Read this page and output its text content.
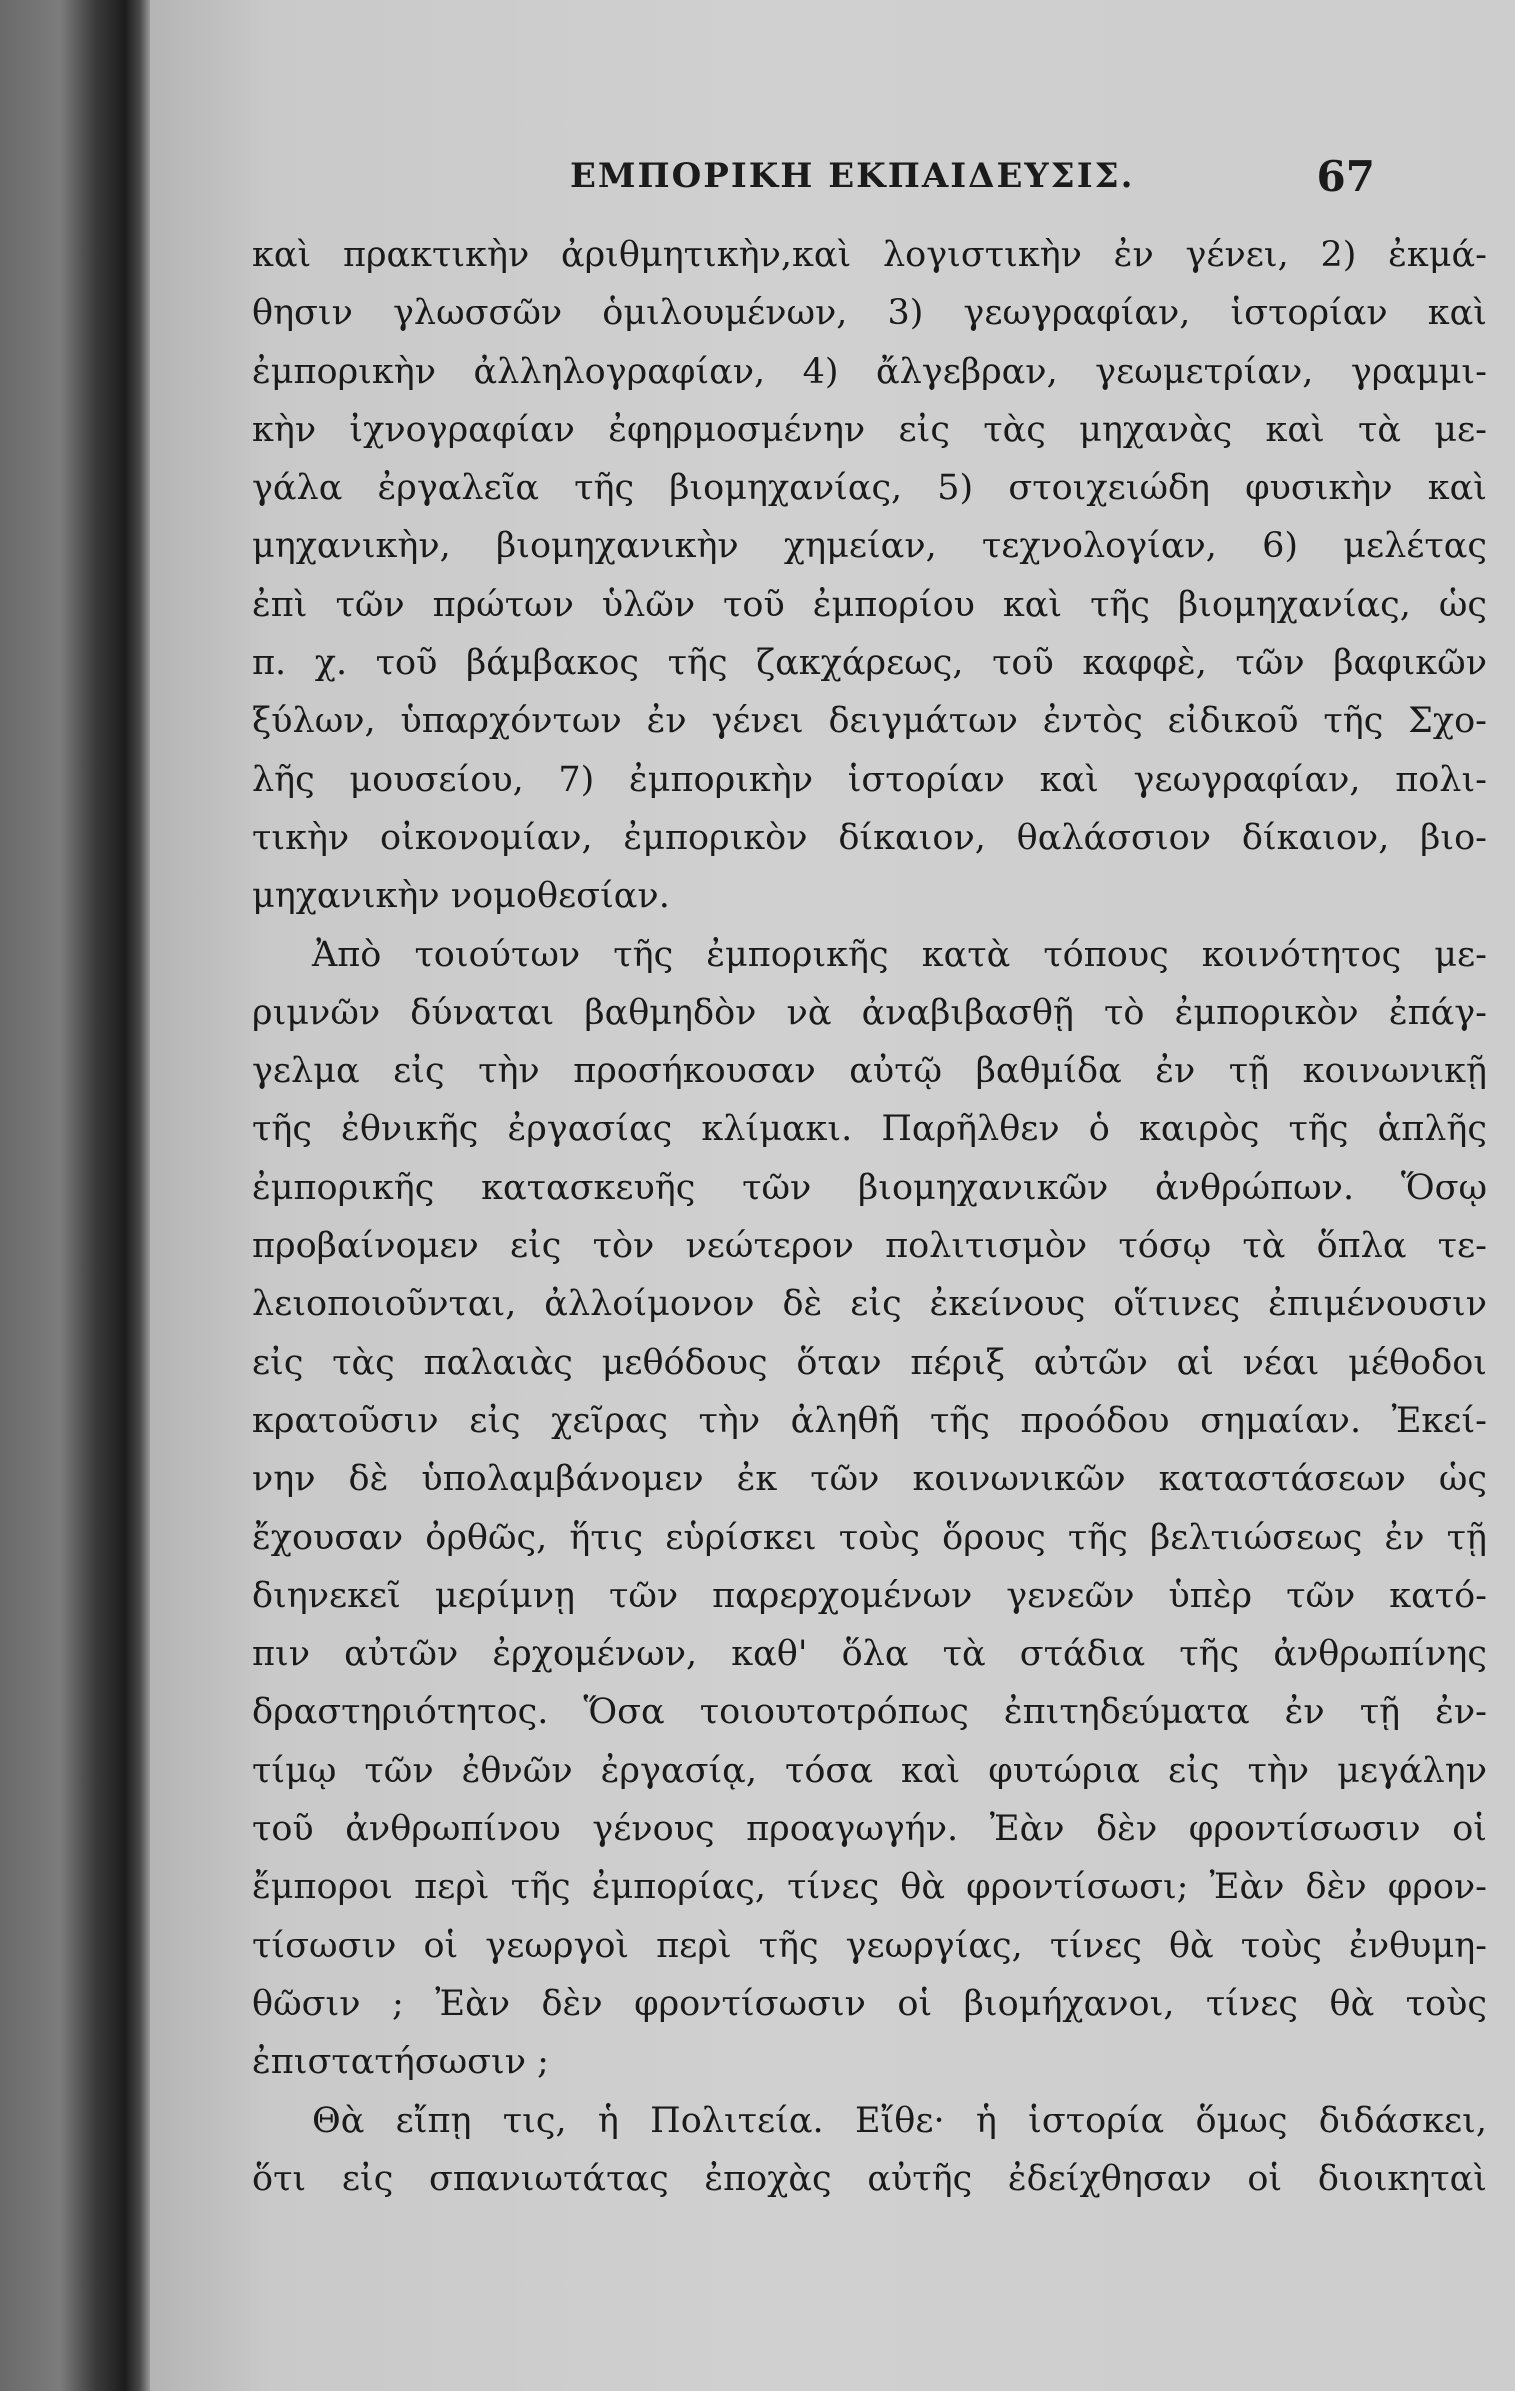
ΕΜΠΟΡΙΚΗ ΕΚΠΑΙΔΕΥΣΙΣ.	67
καὶ πρακτικὴν ἀριθμητικὴν,καὶ λογιστικὴν ἐν γένει, 2) ἐκμά-
θησιν γλωσσῶν ὁμιλουμένων, 3) γεωγραφίαν, ἱστορίαν καὶ
ἐμπορικὴν ἀλληλογραφίαν, 4) ἄλγεβραν, γεωμετρίαν, γραμμι-
κὴν ἰχνογραφίαν ἐφηρμοσμένην εἰς τὰς μηχανὰς καὶ τὰ με-
γάλα ἐργαλεῖα τῆς βιομηχανίας, 5) στοιχειώδη φυσικὴν καὶ
μηχανικὴν, βιομηχανικὴν χημείαν, τεχνολογίαν, 6) μελέτας
ἐπὶ τῶν πρώτων ὑλῶν τοῦ ἐμπορίου καὶ τῆς βιομηχανίας, ὡς
π. χ. τοῦ βάμβακος τῆς ζακχάρεως, τοῦ καφφὲ, τῶν βαφικῶν
ξύλων, ὑπαρχόντων ἐν γένει δειγμάτων ἐντὸς εἰδικοῦ τῆς Σχο-
λῆς μουσείου, 7) ἐμπορικὴν ἱστορίαν καὶ γεωγραφίαν, πολι-
τικὴν οἰκονομίαν, ἐμπορικὸν δίκαιον, θαλάσσιον δίκαιον, βιο-
μηχανικὴν νομοθεσίαν.
Ἀπὸ τοιούτων τῆς ἐμπορικῆς κατὰ τόπους κοινότητος με-
ριμνῶν δύναται βαθμηδὸν νὰ ἀναβιβασθῇ τὸ ἐμπορικὸν ἐπάγ-
γελμα εἰς τὴν προσήκουσαν αὐτῷ βαθμίδα ἐν τῇ κοινωνικῇ
τῆς ἐθνικῆς ἐργασίας κλίμακι. Παρῆλθεν ὁ καιρὸς τῆς ἁπλῆς
ἐμπορικῆς κατασκευῆς τῶν βιομηχανικῶν ἀνθρώπων. Ὅσῳ
προβαίνομεν εἰς τὸν νεώτερον πολιτισμὸν τόσῳ τὰ ὅπλα τε-
λειοποιοῦνται, ἀλλοίμονον δὲ εἰς ἐκείνους οἵτινες ἐπιμένουσιν
εἰς τὰς παλαιὰς μεθόδους ὅταν πέριξ αὐτῶν αἱ νέαι μέθοδοι
κρατοῦσιν εἰς χεῖρας τὴν ἀληθῆ τῆς προόδου σημαίαν. Ἐκεί-
νην δὲ ὑπολαμβάνομεν ἐκ τῶν κοινωνικῶν καταστάσεων ὡς
ἔχουσαν ὀρθῶς, ἥτις εὑρίσκει τοὺς ὅρους τῆς βελτιώσεως ἐν τῇ
διηνεκεῖ μερίμνῃ τῶν παρερχομένων γενεῶν ὑπὲρ τῶν κατό-
πιν αὐτῶν ἐρχομένων, καθ' ὅλα τὰ στάδια τῆς ἀνθρωπίνης
δραστηριότητος. Ὅσα τοιουτοτρόπως ἐπιτηδεύματα ἐν τῇ ἐν-
τίμῳ τῶν ἐθνῶν ἐργασίᾳ, τόσα καὶ φυτώρια εἰς τὴν μεγάλην
τοῦ ἀνθρωπίνου γένους προαγωγήν. Ἐὰν δὲν φροντίσωσιν οἱ
ἔμποροι περὶ τῆς ἐμπορίας, τίνες θὰ φροντίσωσι; Ἐὰν δὲν φρον-
τίσωσιν οἱ γεωργοὶ περὶ τῆς γεωργίας, τίνες θὰ τοὺς ἐνθυμη-
θῶσιν ; Ἐὰν δὲν φροντίσωσιν οἱ βιομήχανοι, τίνες θὰ τοὺς
ἐπιστατήσωσιν ;
Θὰ εἴπῃ τις, ἡ Πολιτεία. Εἴθε· ἡ ἱστορία ὅμως διδάσκει,
ὅτι εἰς σπανιωτάτας ἐποχὰς αὐτῆς ἐδείχθησαν οἱ διοικηταὶ
